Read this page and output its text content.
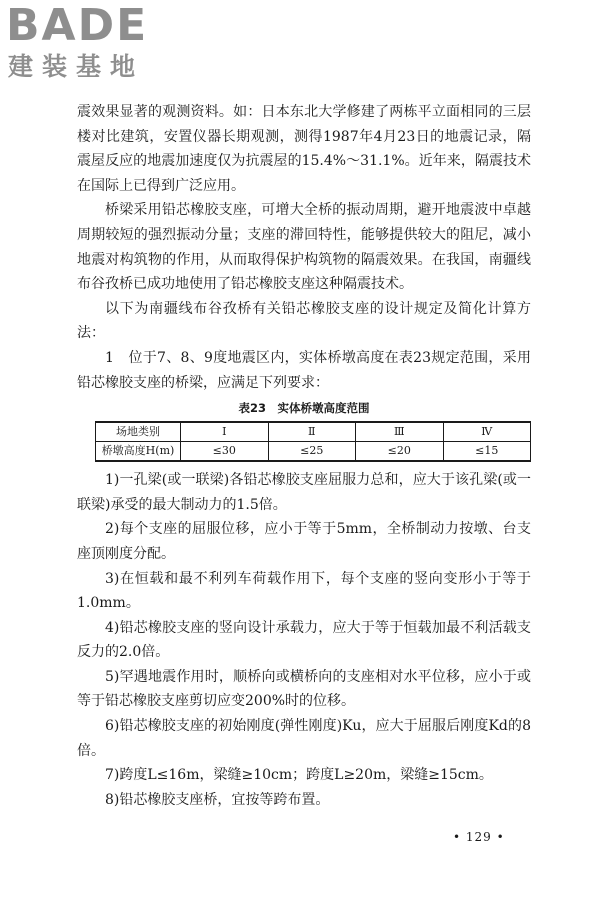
BADE
建装基地

震效果显著的观测资料。如：日本东北大学修建了两栋平立面相同的三层楼对比建筑，安置仪器长期观测，测得1987年4月23日的地震记录，隔震屋反应的地震加速度仅为抗震屋的15.4%～31.1%。近年来，隔震技术在国际上已得到广泛应用。

桥梁采用铅芯橡胶支座，可增大全桥的振动周期，避开地震波中卓越周期较短的强烈振动分量；支座的滞回特性，能够提供较大的阻尼，减小地震对构筑物的作用，从而取得保护构筑物的隔震效果。在我国，南疆线布谷孜桥已成功地使用了铅芯橡胶支座这种隔震技术。

以下为南疆线布谷孜桥有关铅芯橡胶支座的设计规定及简化计算方法：

1　位于7、8、9度地震区内，实体桥墩高度在表23规定范围，采用铅芯橡胶支座的桥梁，应满足下列要求：

表23　实体桥墩高度范围
场地类别	Ⅰ	Ⅱ	Ⅲ	Ⅳ
桥墩高度H(m)	≤30	≤25	≤20	≤15

1)一孔梁(或一联梁)各铅芯橡胶支座屈服力总和，应大于该孔梁(或一联梁)承受的最大制动力的1.5倍。

2)每个支座的屈服位移，应小于等于5mm，全桥制动力按墩、台支座顶刚度分配。

3)在恒载和最不利列车荷载作用下，每个支座的竖向变形小于等于1.0mm。

4)铅芯橡胶支座的竖向设计承载力，应大于等于恒载加最不利活载支反力的2.0倍。

5)罕遇地震作用时，顺桥向或横桥向的支座相对水平位移，应小于或等于铅芯橡胶支座剪切应变200%时的位移。

6)铅芯橡胶支座的初始刚度(弹性刚度)Ku，应大于屈服后刚度Kd的8倍。

7)跨度L≤16m，梁缝≥10cm；跨度L≥20m，梁缝≥15cm。

8)铅芯橡胶支座桥，宜按等跨布置。

• 129 •
